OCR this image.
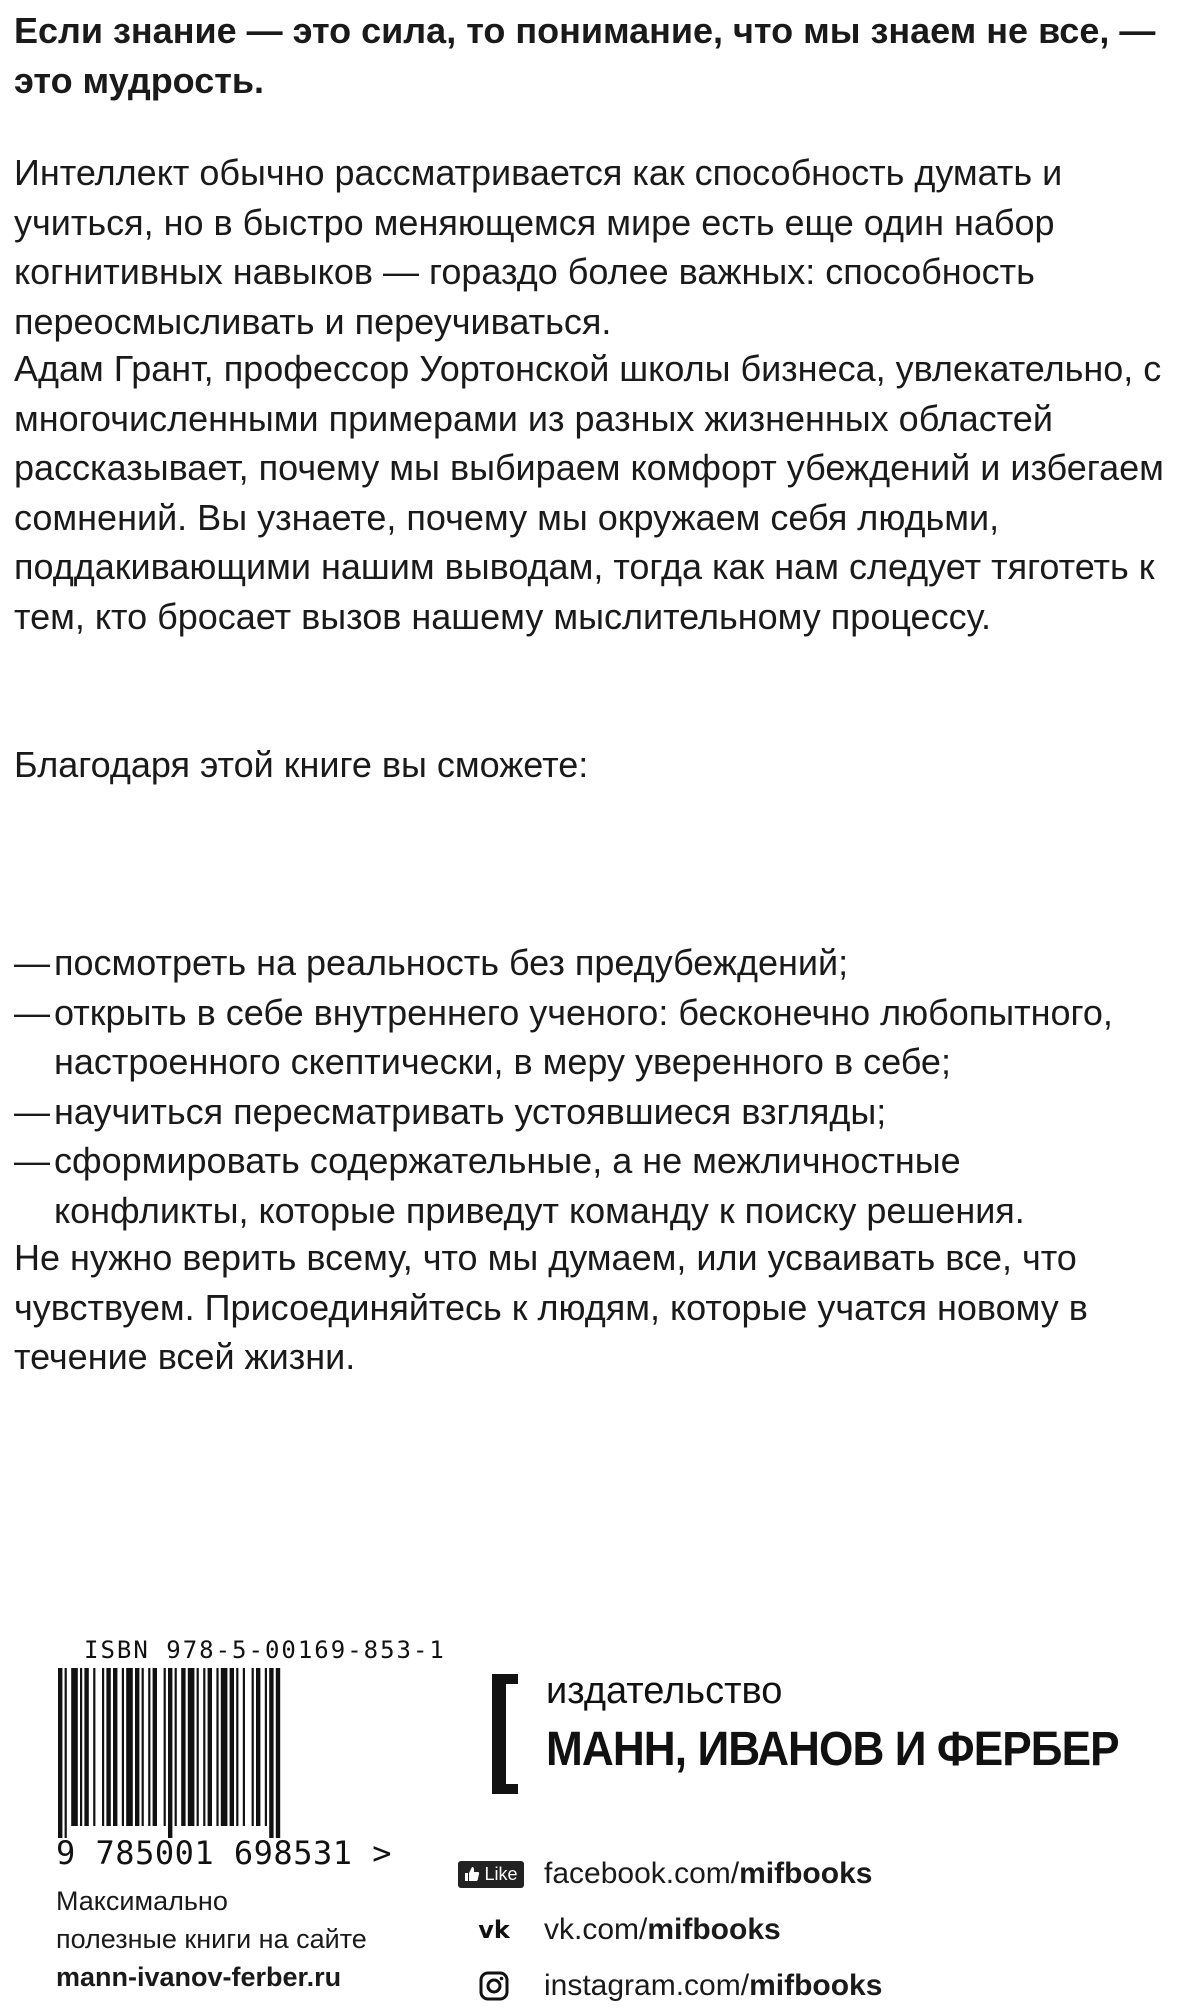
Если знание — это сила, то понимание, что мы знаем не все, — это мудрость.

Интеллект обычно рассматривается как способность думать и учиться, но в быстро меняющемся мире есть еще один набор когнитивных навыков — гораздо более важных: способность переосмысливать и переучиваться.

Адам Грант, профессор Уортонской школы бизнеса, увлекательно, с многочисленными примерами из разных жизненных областей рассказывает, почему мы выбираем комфорт убеждений и избегаем сомнений. Вы узнаете, почему мы окружаем себя людьми, поддакивающими нашим выводам, тогда как нам следует тяготеть к тем, кто бросает вызов нашему мыслительному процессу.

Благодаря этой книге вы сможете:

— посмотреть на реальность без предубеждений;
— открыть в себе внутреннего ученого: бесконечно любопытного, настроенного скептически, в меру уверенного в себе;
— научиться пересматривать устоявшиеся взгляды;
— сформировать содержательные, а не межличностные конфликты, которые приведут команду к поиску решения.

Не нужно верить всему, что мы думаем, или усваивать все, что чувствуем. Присоединяйтесь к людям, которые учатся новому в течение всей жизни.

ISBN 978-5-00169-853-1
9 785001 698531 >
Максимально
полезные книги на сайте
mann-ivanov-ferber.ru
издательство
МАНН, ИВАНОВ И ФЕРБЕР
Like facebook.com/mifbooks
vk vk.com/mifbooks
instagram.com/mifbooks
